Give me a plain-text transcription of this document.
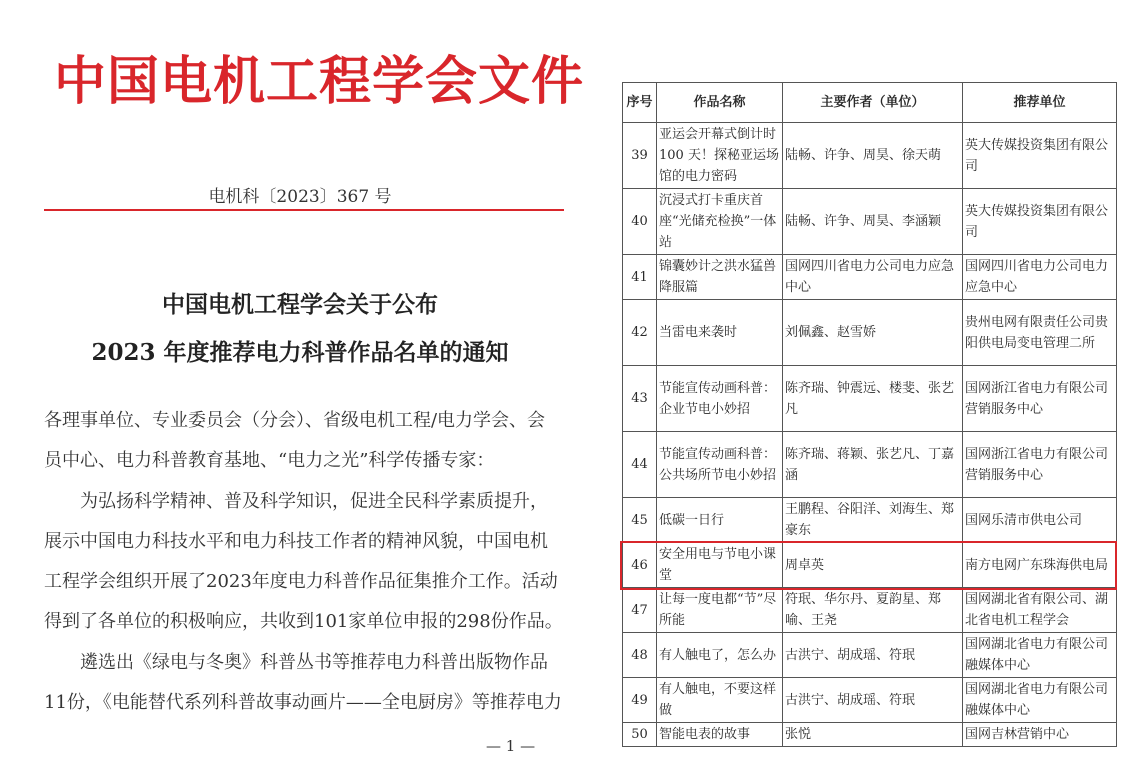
中国电机工程学会文件
电机科〔2023〕367 号
中国电机工程学会关于公布
2023 年度推荐电力科普作品名单的通知
各理事单位、专业委员会（分会）、省级电机工程/电力学会、会
员中心、电力科普教育基地、“电力之光”科学传播专家：
　　为弘扬科学精神、普及科学知识，促进全民科学素质提升，
展示中国电力科技水平和电力科技工作者的精神风貌，中国电机
工程学会组织开展了2023年度电力科普作品征集推介工作。活动
得到了各单位的积极响应，共收到101家单位申报的298份作品。
　　遴选出《绿电与冬奥》科普丛书等推荐电力科普出版物作品
11份，《电能替代系列科普故事动画片——全电厨房》等推荐电力
— 1 —
序号	作品名称	主要作者（单位）	推荐单位
39	亚运会开幕式倒计时 100 天！探秘亚运场馆的电力密码	陆畅、许争、周昊、徐天萌	英大传媒投资集团有限公司
40	沉浸式打卡重庆首座“光储充检换”一体站	陆畅、许争、周昊、李涵颖	英大传媒投资集团有限公司
41	锦囊妙计之洪水猛兽降服篇	国网四川省电力公司电力应急中心	国网四川省电力公司电力应急中心
42	当雷电来袭时	刘佩鑫、赵雪娇	贵州电网有限责任公司贵阳供电局变电管理二所
43	节能宣传动画科普：企业节电小妙招	陈齐瑞、钟震远、楼斐、张艺凡	国网浙江省电力有限公司营销服务中心
44	节能宣传动画科普：公共场所节电小妙招	陈齐瑞、蒋颖、张艺凡、丁嘉涵	国网浙江省电力有限公司营销服务中心
45	低碳一日行	王鹏程、谷阳洋、刘海生、郑豪东	国网乐清市供电公司
46	安全用电与节电小课堂	周卓英	南方电网广东珠海供电局
47	让每一度电都“节”尽所能	符珉、华尔丹、夏韵星、郑喻、王尧	国网湖北省有限公司、湖北省电机工程学会
48	有人触电了，怎么办	古洪宁、胡成瑶、符珉	国网湖北省电力有限公司融媒体中心
49	有人触电，不要这样做	古洪宁、胡成瑶、符珉	国网湖北省电力有限公司融媒体中心
50	智能电表的故事	张悦	国网吉林营销中心
